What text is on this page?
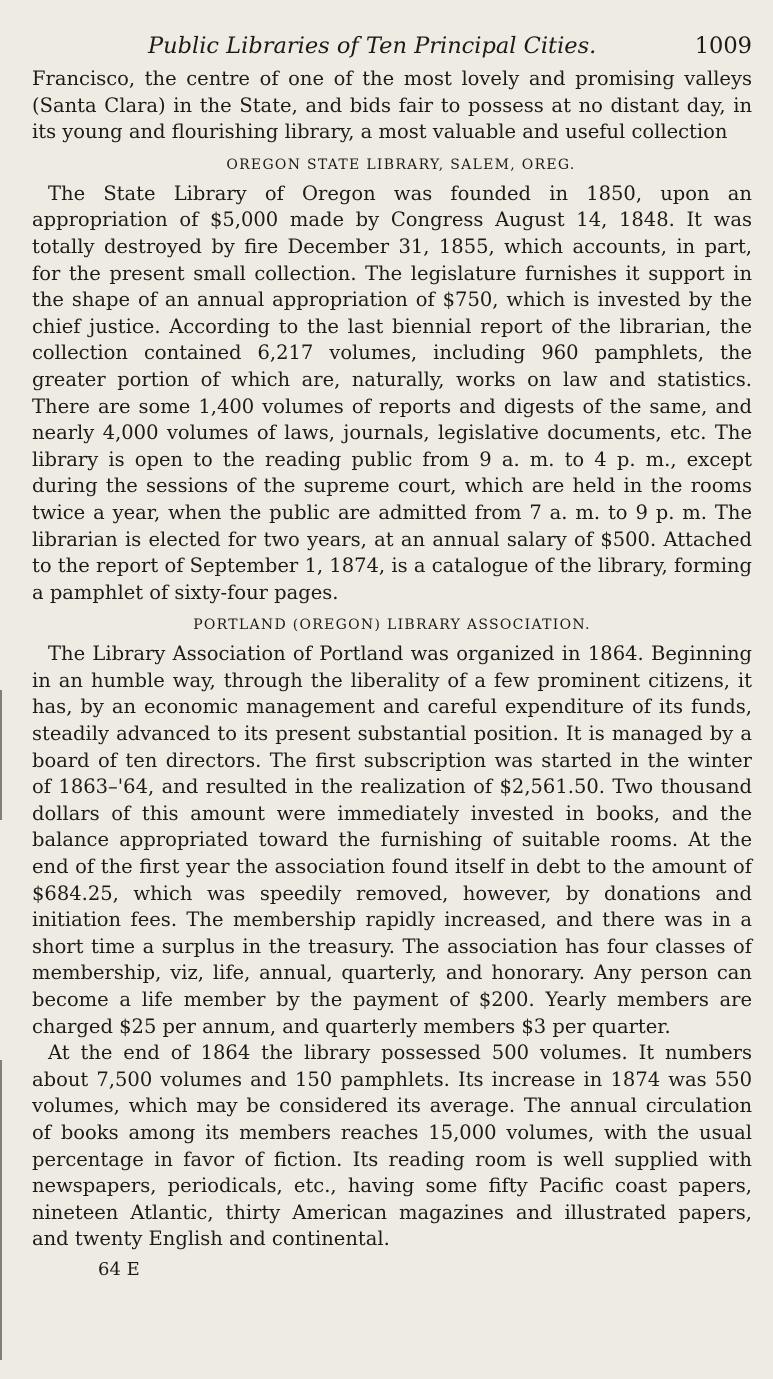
Public Libraries of Ten Principal Cities.	1009

Francisco, the centre of one of the most lovely and promising valleys (Santa Clara) in the State, and bids fair to possess at no distant day, in its young and flourishing library, a most valuable and useful collection

OREGON STATE LIBRARY, SALEM, OREG.

The State Library of Oregon was founded in 1850, upon an appropriation of $5,000 made by Congress August 14, 1848. It was totally destroyed by fire December 31, 1855, which accounts, in part, for the present small collection. The legislature furnishes it support in the shape of an annual appropriation of $750, which is invested by the chief justice. According to the last biennial report of the librarian, the collection contained 6,217 volumes, including 960 pamphlets, the greater portion of which are, naturally, works on law and statistics. There are some 1,400 volumes of reports and digests of the same, and nearly 4,000 volumes of laws, journals, legislative documents, etc. The library is open to the reading public from 9 a. m. to 4 p. m., except during the sessions of the supreme court, which are held in the rooms twice a year, when the public are admitted from 7 a. m. to 9 p. m. The librarian is elected for two years, at an annual salary of $500. Attached to the report of September 1, 1874, is a catalogue of the library, forming a pamphlet of sixty-four pages.

PORTLAND (OREGON) LIBRARY ASSOCIATION.

The Library Association of Portland was organized in 1864. Beginning in an humble way, through the liberality of a few prominent citizens, it has, by an economic management and careful expenditure of its funds, steadily advanced to its present substantial position. It is managed by a board of ten directors. The first subscription was started in the winter of 1863–'64, and resulted in the realization of $2,561.50. Two thousand dollars of this amount were immediately invested in books, and the balance appropriated toward the furnishing of suitable rooms. At the end of the first year the association found itself in debt to the amount of $684.25, which was speedily removed, however, by donations and initiation fees. The membership rapidly increased, and there was in a short time a surplus in the treasury. The association has four classes of membership, viz, life, annual, quarterly, and honorary. Any person can become a life member by the payment of $200. Yearly members are charged $25 per annum, and quarterly members $3 per quarter.

At the end of 1864 the library possessed 500 volumes. It numbers about 7,500 volumes and 150 pamphlets. Its increase in 1874 was 550 volumes, which may be considered its average. The annual circulation of books among its members reaches 15,000 volumes, with the usual percentage in favor of fiction. Its reading room is well supplied with newspapers, periodicals, etc., having some fifty Pacific coast papers, nineteen Atlantic, thirty American magazines and illustrated papers, and twenty English and continental.

64 E
